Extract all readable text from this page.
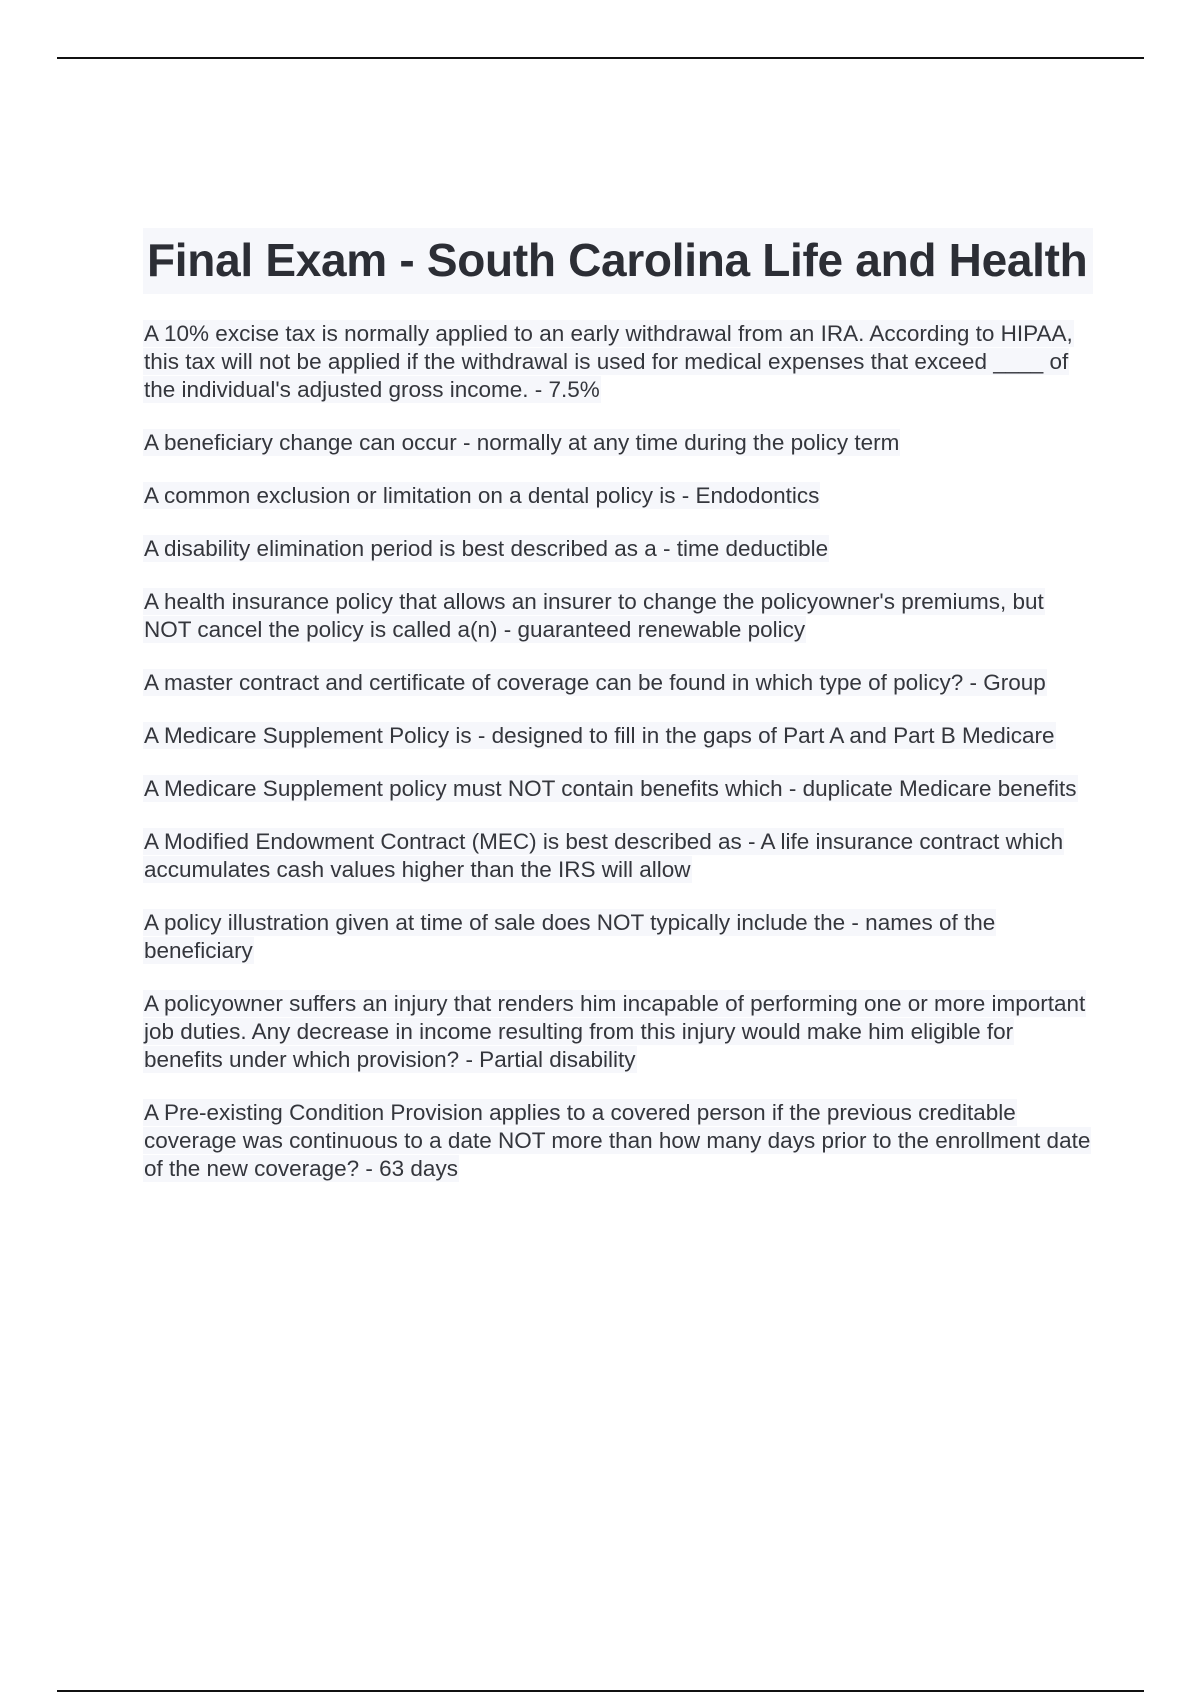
Final Exam - South Carolina Life and Health
A 10% excise tax is normally applied to an early withdrawal from an IRA. According to HIPAA, this tax will not be applied if the withdrawal is used for medical expenses that exceed ____ of the individual's adjusted gross income. - 7.5%
A beneficiary change can occur - normally at any time during the policy term
A common exclusion or limitation on a dental policy is - Endodontics
A disability elimination period is best described as a - time deductible
A health insurance policy that allows an insurer to change the policyowner's premiums, but NOT cancel the policy is called a(n) - guaranteed renewable policy
A master contract and certificate of coverage can be found in which type of policy? - Group
A Medicare Supplement Policy is - designed to fill in the gaps of Part A and Part B Medicare
A Medicare Supplement policy must NOT contain benefits which - duplicate Medicare benefits
A Modified Endowment Contract (MEC) is best described as - A life insurance contract which accumulates cash values higher than the IRS will allow
A policy illustration given at time of sale does NOT typically include the - names of the beneficiary
A policyowner suffers an injury that renders him incapable of performing one or more important job duties. Any decrease in income resulting from this injury would make him eligible for benefits under which provision? - Partial disability
A Pre-existing Condition Provision applies to a covered person if the previous creditable coverage was continuous to a date NOT more than how many days prior to the enrollment date of the new coverage? - 63 days
